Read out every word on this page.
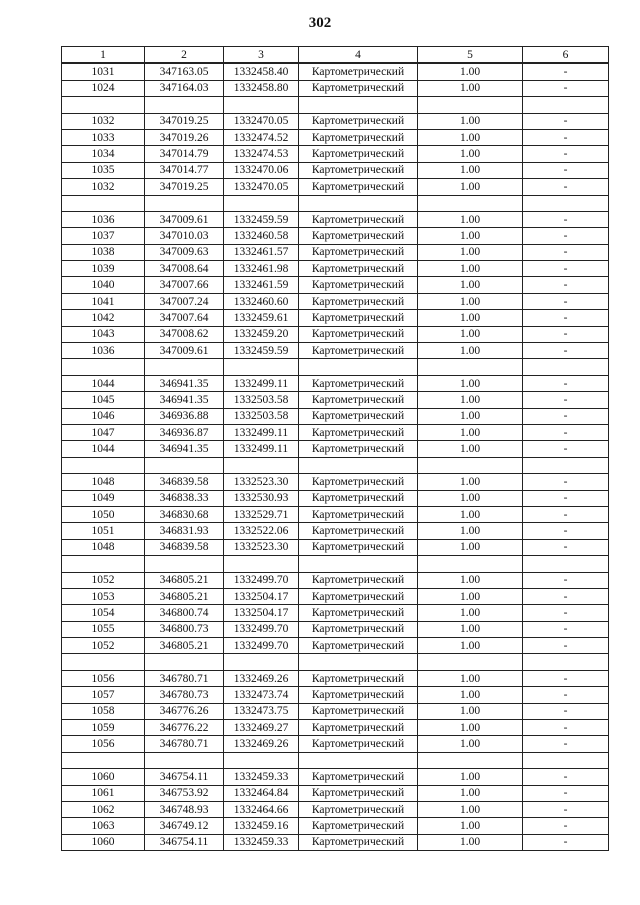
302
1	2	3	4	5	6
1031	347163.05	1332458.40	Картометрический	1.00	-
1024	347164.03	1332458.80	Картометрический	1.00	-

1032	347019.25	1332470.05	Картометрический	1.00	-
1033	347019.26	1332474.52	Картометрический	1.00	-
1034	347014.79	1332474.53	Картометрический	1.00	-
1035	347014.77	1332470.06	Картометрический	1.00	-
1032	347019.25	1332470.05	Картометрический	1.00	-

1036	347009.61	1332459.59	Картометрический	1.00	-
1037	347010.03	1332460.58	Картометрический	1.00	-
1038	347009.63	1332461.57	Картометрический	1.00	-
1039	347008.64	1332461.98	Картометрический	1.00	-
1040	347007.66	1332461.59	Картометрический	1.00	-
1041	347007.24	1332460.60	Картометрический	1.00	-
1042	347007.64	1332459.61	Картометрический	1.00	-
1043	347008.62	1332459.20	Картометрический	1.00	-
1036	347009.61	1332459.59	Картометрический	1.00	-

1044	346941.35	1332499.11	Картометрический	1.00	-
1045	346941.35	1332503.58	Картометрический	1.00	-
1046	346936.88	1332503.58	Картометрический	1.00	-
1047	346936.87	1332499.11	Картометрический	1.00	-
1044	346941.35	1332499.11	Картометрический	1.00	-

1048	346839.58	1332523.30	Картометрический	1.00	-
1049	346838.33	1332530.93	Картометрический	1.00	-
1050	346830.68	1332529.71	Картометрический	1.00	-
1051	346831.93	1332522.06	Картометрический	1.00	-
1048	346839.58	1332523.30	Картометрический	1.00	-

1052	346805.21	1332499.70	Картометрический	1.00	-
1053	346805.21	1332504.17	Картометрический	1.00	-
1054	346800.74	1332504.17	Картометрический	1.00	-
1055	346800.73	1332499.70	Картометрический	1.00	-
1052	346805.21	1332499.70	Картометрический	1.00	-

1056	346780.71	1332469.26	Картометрический	1.00	-
1057	346780.73	1332473.74	Картометрический	1.00	-
1058	346776.26	1332473.75	Картометрический	1.00	-
1059	346776.22	1332469.27	Картометрический	1.00	-
1056	346780.71	1332469.26	Картометрический	1.00	-

1060	346754.11	1332459.33	Картометрический	1.00	-
1061	346753.92	1332464.84	Картометрический	1.00	-
1062	346748.93	1332464.66	Картометрический	1.00	-
1063	346749.12	1332459.16	Картометрический	1.00	-
1060	346754.11	1332459.33	Картометрический	1.00	-
